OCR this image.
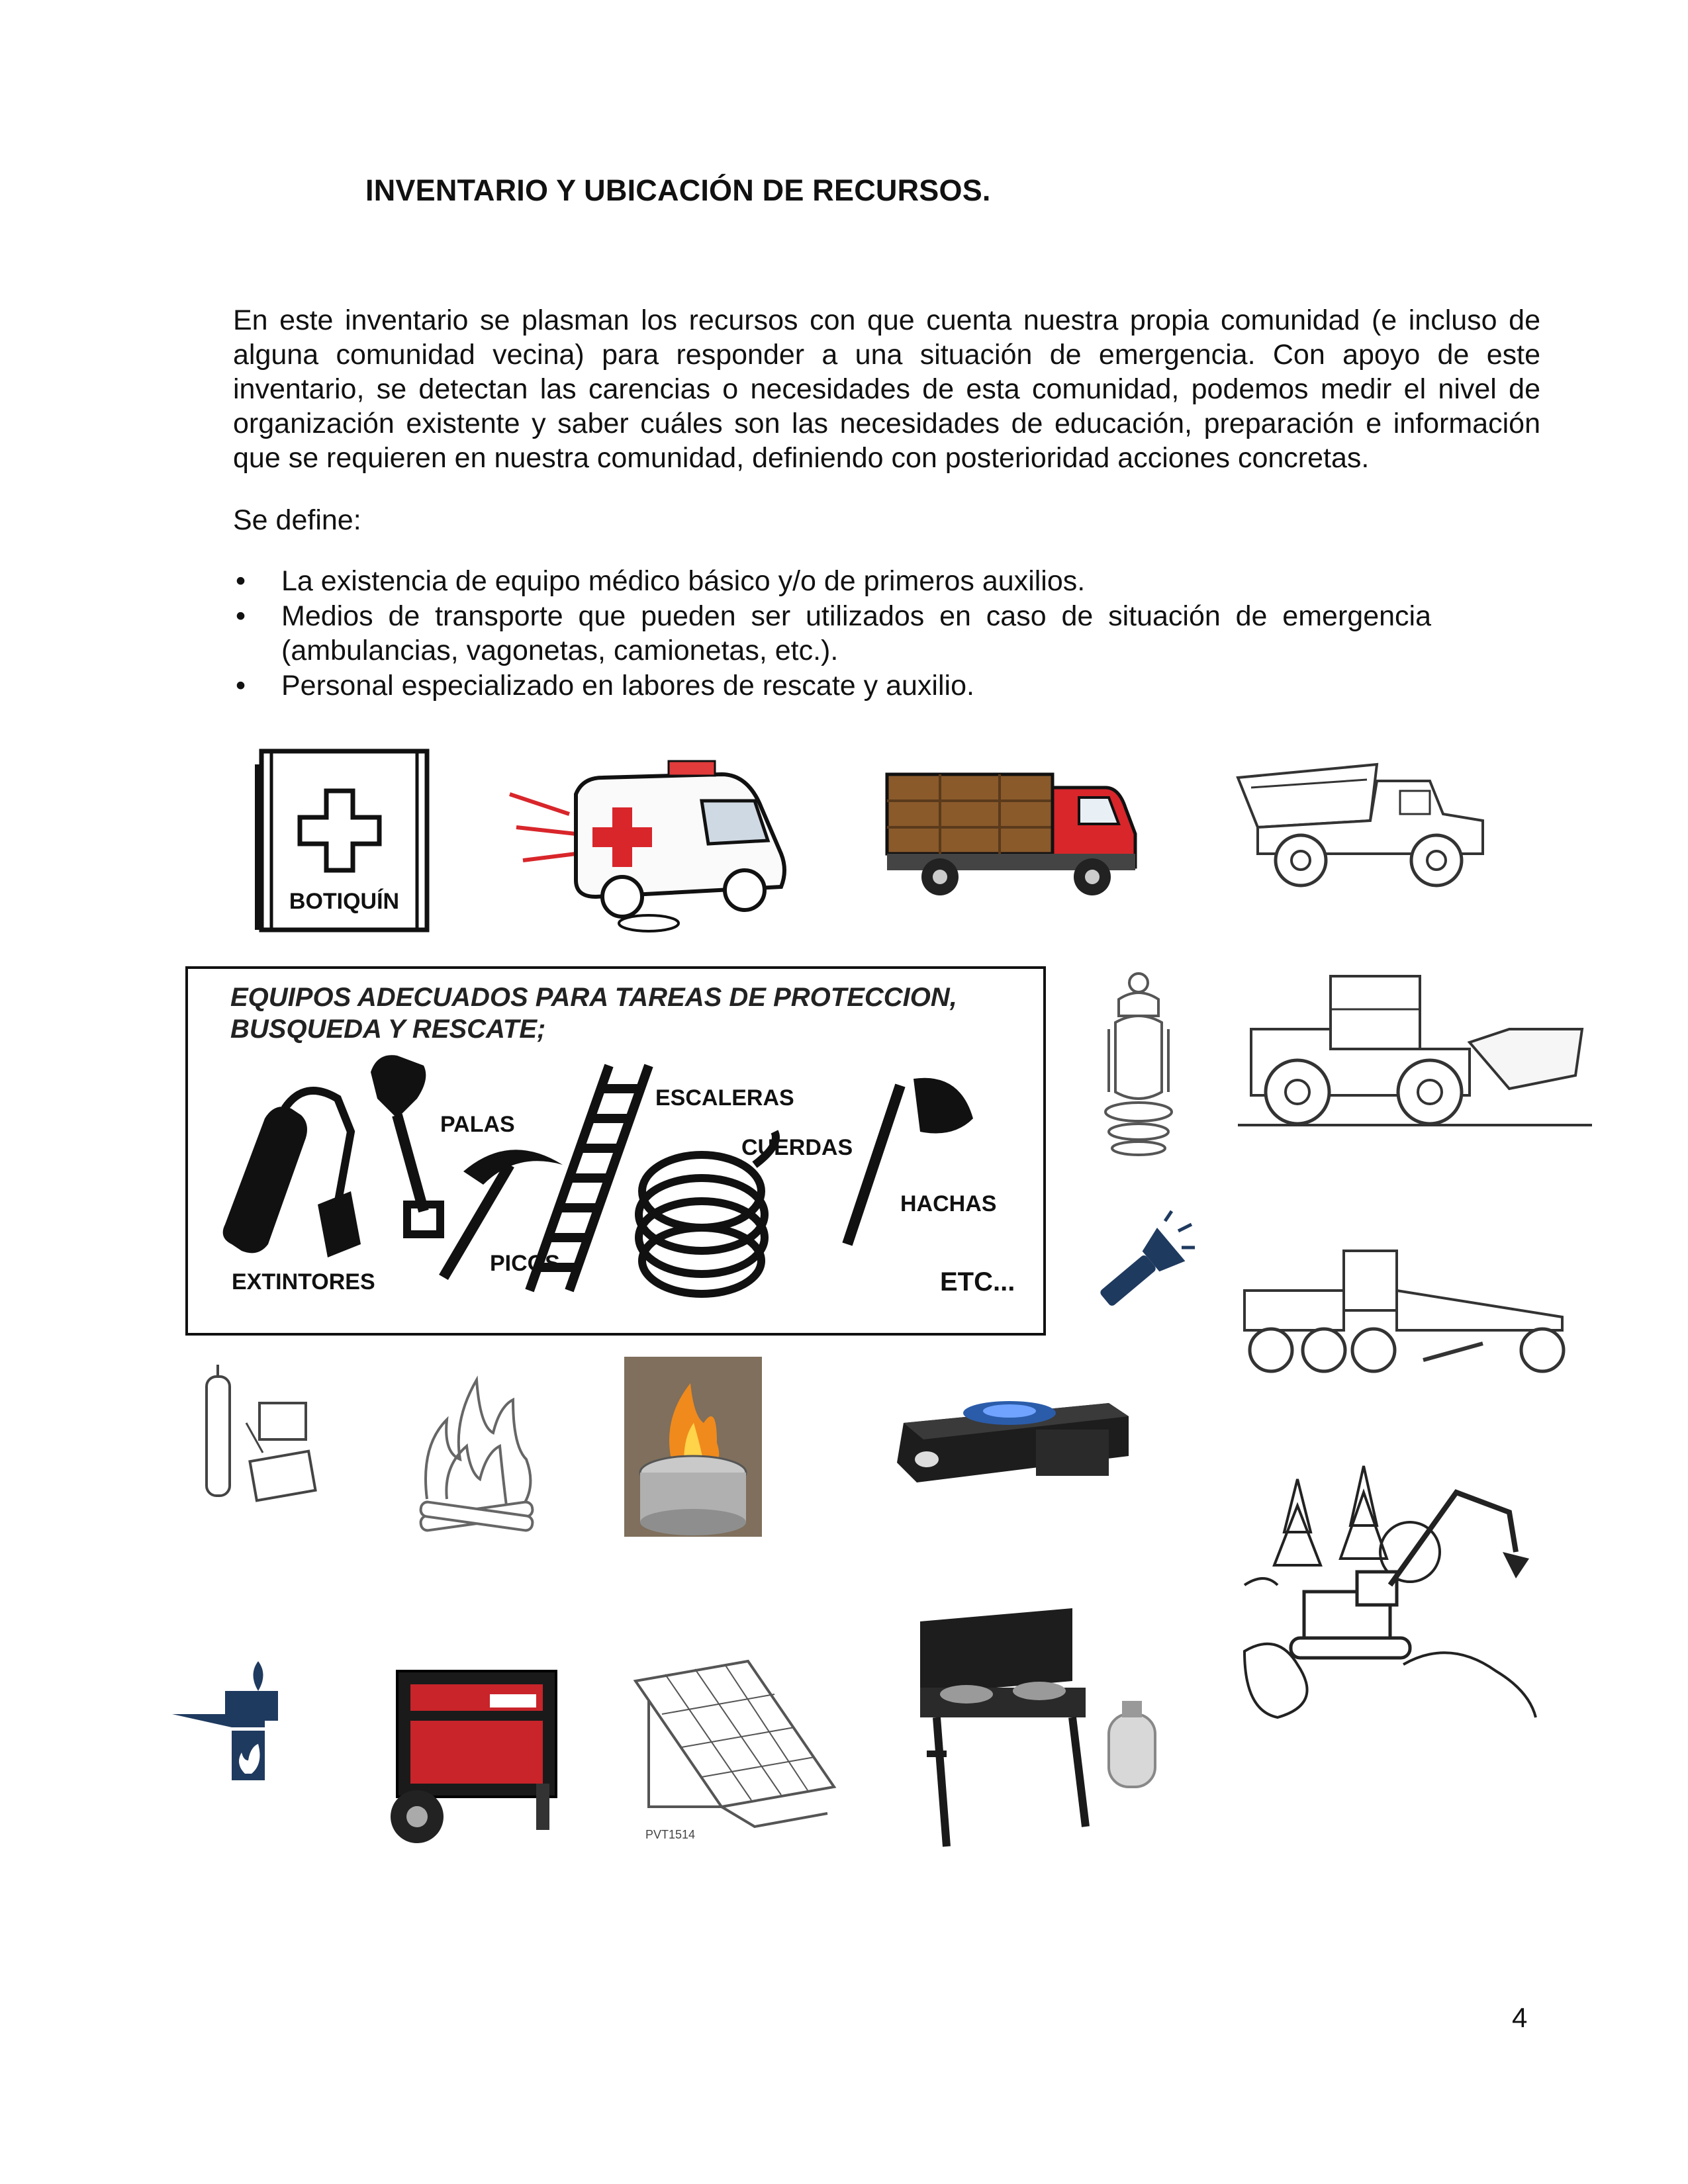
INVENTARIO Y UBICACIÓN DE RECURSOS.
En este inventario se plasman los recursos con que cuenta nuestra propia comunidad (e incluso de alguna comunidad vecina) para responder a una situación de emergencia. Con apoyo de este inventario, se detectan las carencias o necesidades de esta comunidad, podemos medir el nivel de organización existente y saber cuáles son las necesidades de educación, preparación e información que se requieren en nuestra comunidad, definiendo con posterioridad acciones concretas.
Se define:
• La existencia de equipo médico básico y/o de primeros auxilios.
• Medios de transporte que pueden ser utilizados en caso de situación de emergencia (ambulancias, vagonetas, camionetas, etc.).
• Personal especializado en labores de rescate y auxilio.
BOTIQUÍN
EQUIPOS ADECUADOS PARA TAREAS DE PROTECCION,
BUSQUEDA Y RESCATE;
EXTINTORES
PALAS
PICOS
ESCALERAS
CUERDAS
HACHAS
ETC...
PVT1514
4
